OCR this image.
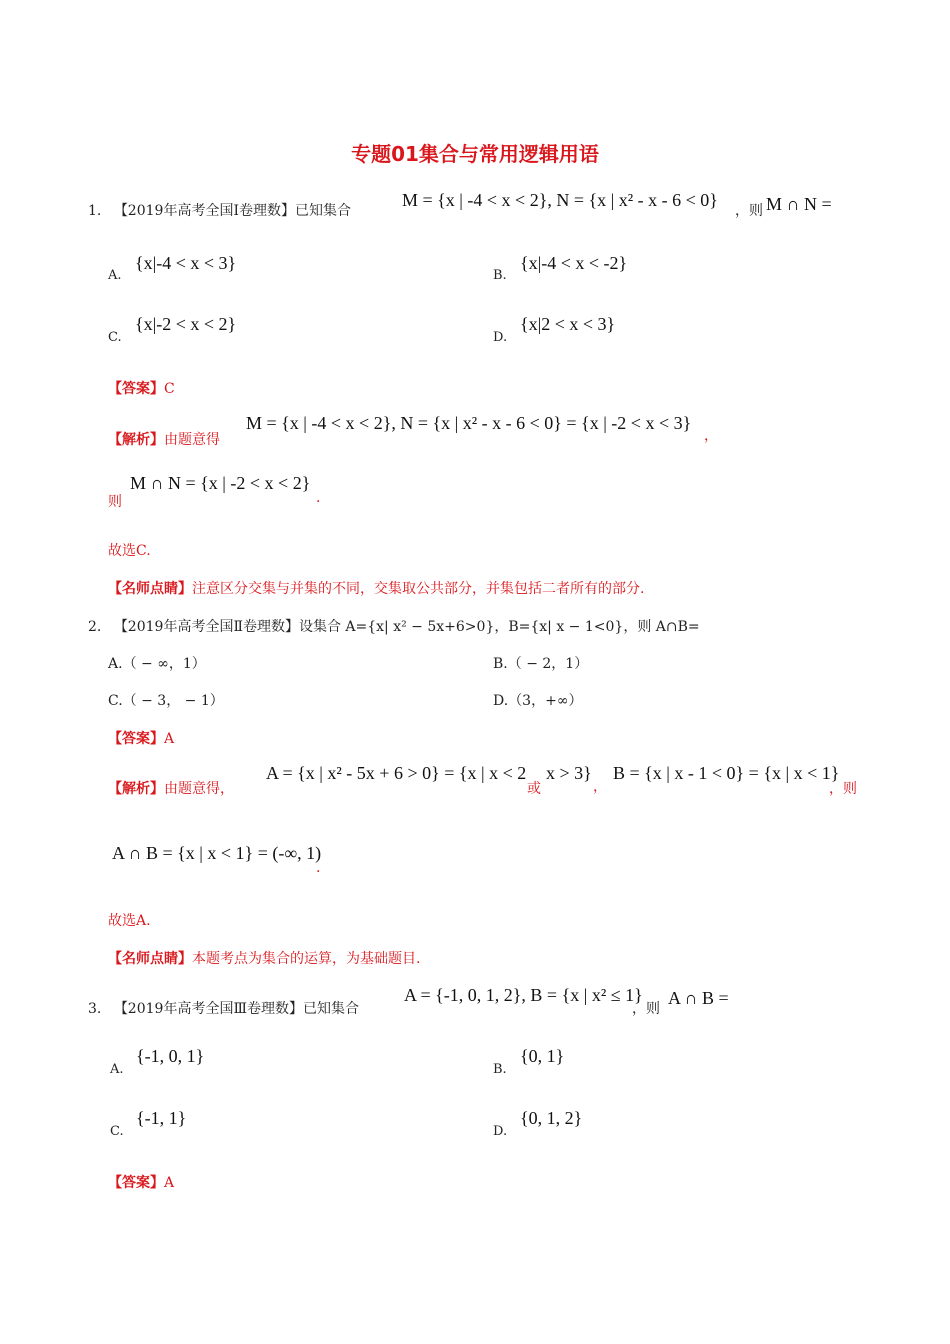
专题01集合与常用逻辑用语
1. 【2019年高考全国Ⅰ卷理数】已知集合
M = {x | -4 < x < 2}, N = {x | x² - x - 6 < 0}
，则 M ∩ N =
A.
{x|-4 < x < 3}
B.
{x|-4 < x < -2}
C.
{x|-2 < x < 2}
D.
{x|2 < x < 3}
【答案】C
【解析】由题意得
M = {x | -4 < x < 2}, N = {x | x² - x - 6 < 0} = {x | -2 < x < 3}
，
则
M ∩ N = {x | -2 < x < 2}
.
故选C.
【名师点睛】注意区分交集与并集的不同，交集取公共部分，并集包括二者所有的部分.
2. 【2019年高考全国Ⅱ卷理数】设集合 A={x| x² − 5x+6>0}，B={x| x − 1<0}，则 A∩B=
A.（ − ∞，1）	B.（ − 2，1）
C.（ − 3， − 1）	D.（3，+∞）
【答案】A
【解析】由题意得，
A = {x | x² - 5x + 6 > 0} = {x | x < 2
或
x > 3}
，
B = {x | x - 1 < 0} = {x | x < 1}
，则
A ∩ B = {x | x < 1} = (-∞, 1)
.
故选A.
【名师点睛】本题考点为集合的运算，为基础题目.
3. 【2019年高考全国Ⅲ卷理数】已知集合
A = {-1, 0, 1, 2}, B = {x | x² ≤ 1}
，则
A ∩ B =
A.
{-1, 0, 1}
B.
{0, 1}
C.
{-1, 1}
D.
{0, 1, 2}
【答案】A
